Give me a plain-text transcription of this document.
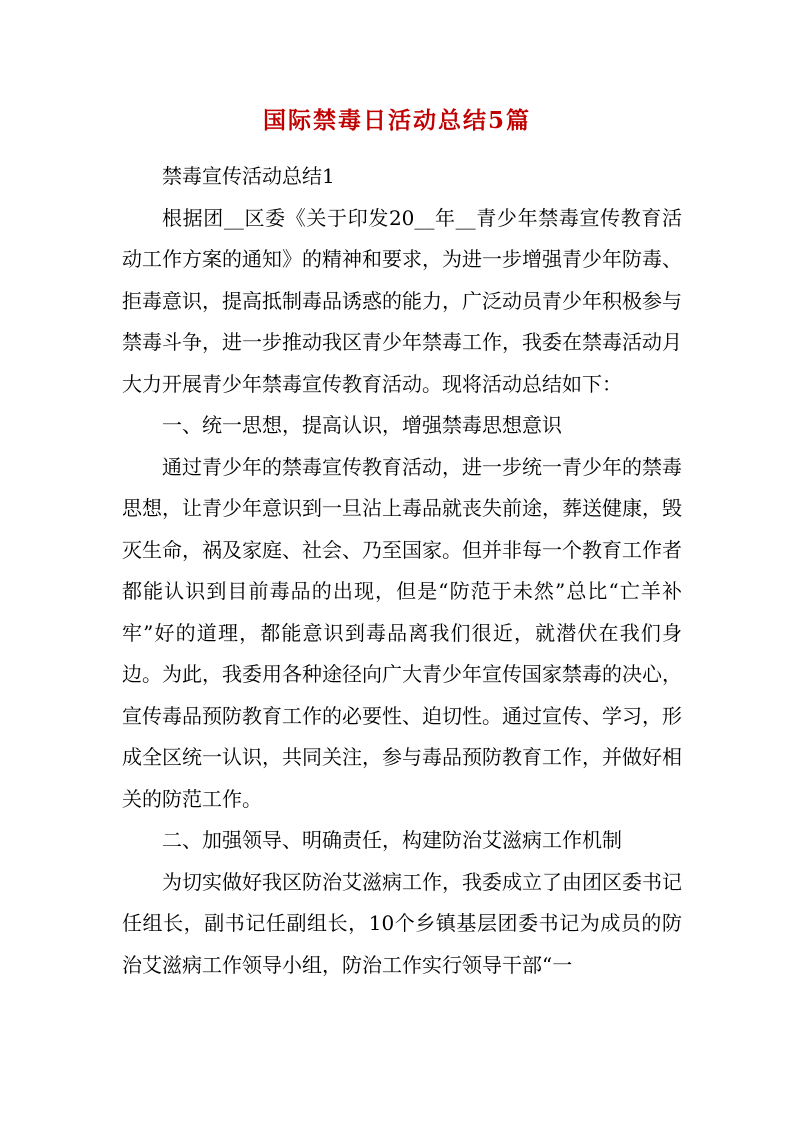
国际禁毒日活动总结5篇

禁毒宣传活动总结1

根据团__区委《关于印发20__年__青少年禁毒宣传教育活动工作方案的通知》的精神和要求，为进一步增强青少年防毒、拒毒意识，提高抵制毒品诱惑的能力，广泛动员青少年积极参与禁毒斗争，进一步推动我区青少年禁毒工作，我委在禁毒活动月大力开展青少年禁毒宣传教育活动。现将活动总结如下：

一、统一思想，提高认识，增强禁毒思想意识

通过青少年的禁毒宣传教育活动，进一步统一青少年的禁毒思想，让青少年意识到一旦沾上毒品就丧失前途，葬送健康，毁灭生命，祸及家庭、社会、乃至国家。但并非每一个教育工作者都能认识到目前毒品的出现，但是“防范于未然”总比“亡羊补牢”好的道理，都能意识到毒品离我们很近，就潜伏在我们身边。为此，我委用各种途径向广大青少年宣传国家禁毒的决心，宣传毒品预防教育工作的必要性、迫切性。通过宣传、学习，形成全区统一认识，共同关注，参与毒品预防教育工作，并做好相关的防范工作。

二、加强领导、明确责任，构建防治艾滋病工作机制

为切实做好我区防治艾滋病工作，我委成立了由团区委书记任组长，副书记任副组长，10个乡镇基层团委书记为成员的防治艾滋病工作领导小组，防治工作实行领导干部“一
